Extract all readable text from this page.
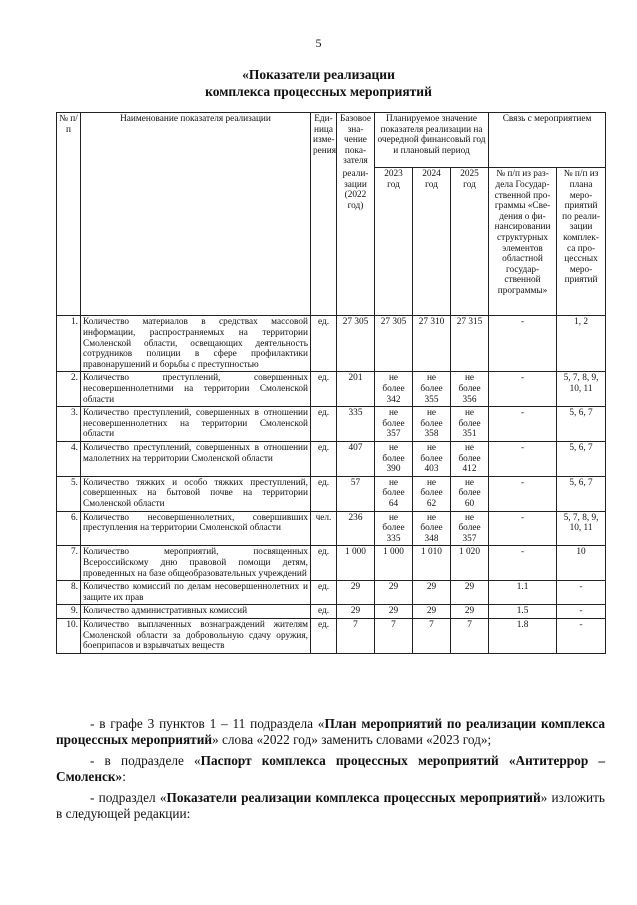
5
«Показатели реализации
комплекса процессных мероприятий
№ п/п	Наименование показателя реализации	Еди-ница изме-рения	Базовое зна-чение пока-зателя	Планируемое значение показателя реализации на очередной финансовый год и плановый период			Связь с мероприятием	
			реали-зации (2022 год)	2023 год	2024 год	2025 год	№ п/п из раз-дела Государ-ственной про-граммы «Све-дения о фи-нансировании структурных элементов областной государ-ственной программы»	№ п/п из плана меро-приятий по реали-зации комплек-са про-цессных меро-приятий
1.	Количество материалов в средствах массовой информации, распространяемых на территории Смоленской области, освещающих деятельность сотрудников полиции в сфере профилактики правонарушений и борьбы с преступностью	ед.	27 305	27 305	27 310	27 315	-	1, 2
2.	Количество преступлений, совершенных несовершеннолетними на территории Смоленской области	ед.	201	не более 342	не более 355	не более 356	-	5, 7, 8, 9, 10, 11
3.	Количество преступлений, совершенных в отношении несовершеннолетних на территории Смоленской области	ед.	335	не более 357	не более 358	не более 351	-	5, 6, 7
4.	Количество преступлений, совершенных в отношении малолетних на территории Смоленской области	ед.	407	не более 390	не более 403	не более 412	-	5, 6, 7
5.	Количество тяжких и особо тяжких преступлений, совершенных на бытовой почве на территории Смоленской области	ед.	57	не более 64	не более 62	не более 60	-	5, 6, 7
6.	Количество несовершеннолетних, совершивших преступления на территории Смоленской области	чел.	236	не более 335	не более 348	не более 357	-	5, 7, 8, 9, 10, 11
7.	Количество мероприятий, посвященных Всероссийскому дню правовой помощи детям, проведенных на базе общеобразовательных учреждений	ед.	1 000	1 000	1 010	1 020	-	10
8.	Количество комиссий по делам несовершеннолетних и защите их прав	ед.	29	29	29	29	1.1	-
9.	Количество административных комиссий	ед.	29	29	29	29	1.5	-
10.	Количество выплаченных вознаграждений жителям Смоленской области за добровольную сдачу оружия, боеприпасов и взрывчатых веществ	ед.	7	7	7	7	1.8	-
- в графе 3 пунктов 1 – 11 подраздела «План мероприятий по реализации комплекса процессных мероприятий» слова «2022 год» заменить словами «2023 год»;
- в подразделе «Паспорт комплекса процессных мероприятий «Антитеррор – Смоленск»:
- подраздел «Показатели реализации комплекса процессных мероприятий» изложить в следующей редакции:
